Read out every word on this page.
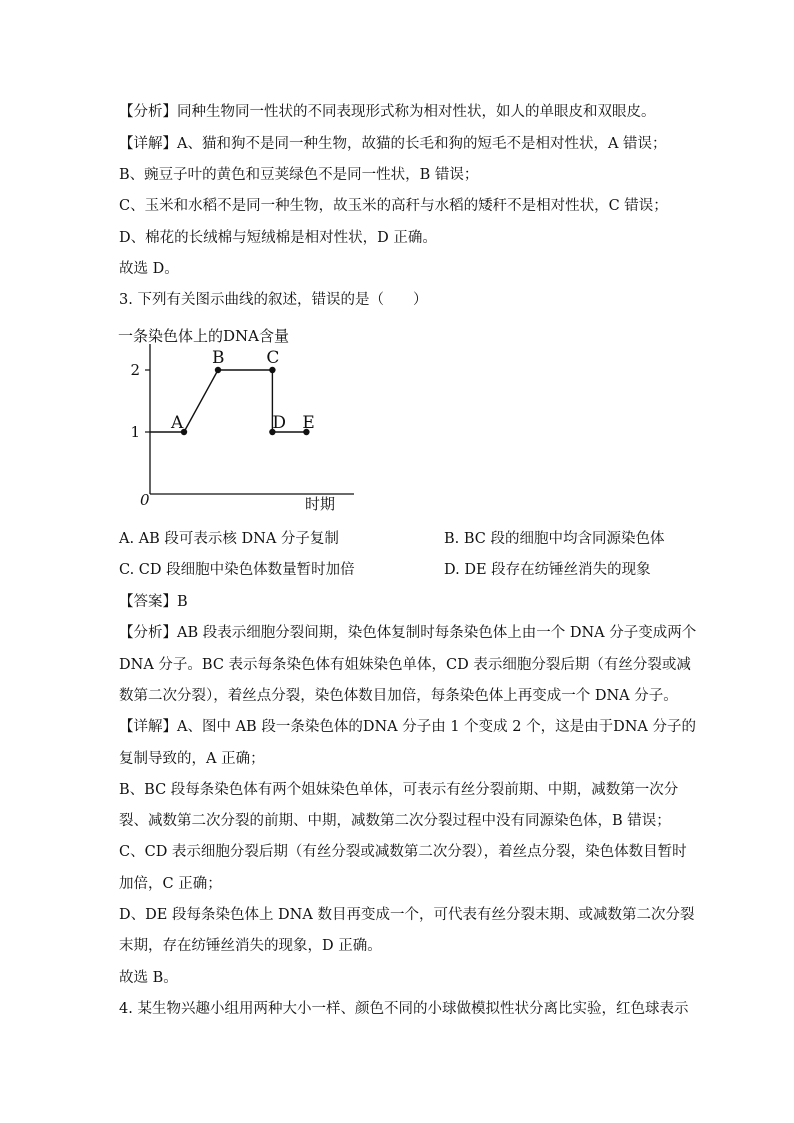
【分析】同种生物同一性状的不同表现形式称为相对性状，如人的单眼皮和双眼皮。
【详解】A、猫和狗不是同一种生物，故猫的长毛和狗的短毛不是相对性状，A 错误；
B、豌豆子叶的黄色和豆荚绿色不是同一性状，B 错误；
C、玉米和水稻不是同一种生物，故玉米的高秆与水稻的矮秆不是相对性状，C 错误；
D、棉花的长绒棉与短绒棉是相对性状，D 正确。
故选 D。
3. 下列有关图示曲线的叙述，错误的是（　　）
一条染色体上的DNA含量
时期
0
1
2
A
B C
D E
A. AB 段可表示核 DNA 分子复制	B. BC 段的细胞中均含同源染色体
C. CD 段细胞中染色体数量暂时加倍	D. DE 段存在纺锤丝消失的现象
【答案】B
【分析】AB 段表示细胞分裂间期，染色体复制时每条染色体上由一个 DNA 分子变成两个
DNA 分子。BC 表示每条染色体有姐妹染色单体，CD 表示细胞分裂后期（有丝分裂或减
数第二次分裂），着丝点分裂，染色体数目加倍，每条染色体上再变成一个 DNA 分子。
【详解】A、图中 AB 段一条染色体的DNA 分子由 1 个变成 2 个，这是由于DNA 分子的
复制导致的，A 正确；
B、BC 段每条染色体有两个姐妹染色单体，可表示有丝分裂前期、中期，减数第一次分
裂、减数第二次分裂的前期、中期，减数第二次分裂过程中没有同源染色体，B 错误；
C、CD 表示细胞分裂后期（有丝分裂或减数第二次分裂），着丝点分裂，染色体数目暂时
加倍，C 正确；
D、DE 段每条染色体上 DNA 数目再变成一个，可代表有丝分裂末期、或减数第二次分裂
末期，存在纺锤丝消失的现象，D 正确。
故选 B。
4. 某生物兴趣小组用两种大小一样、颜色不同的小球做模拟性状分离比实验，红色球表示
